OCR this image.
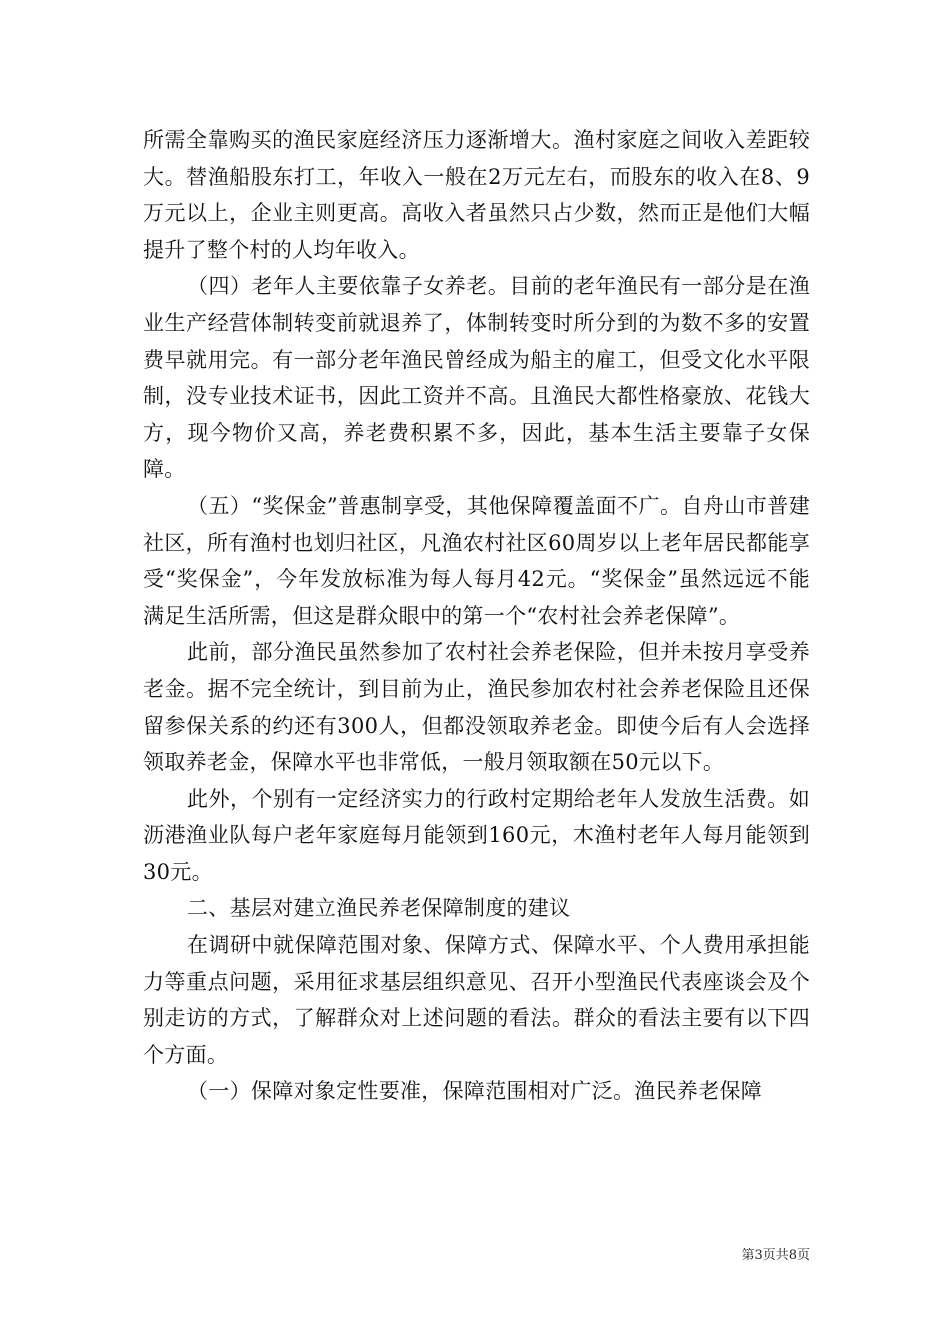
所需全靠购买的渔民家庭经济压力逐渐增大。渔村家庭之间收入差距较大。替渔船股东打工，年收入一般在2万元左右，而股东的收入在8、9万元以上，企业主则更高。高收入者虽然只占少数，然而正是他们大幅提升了整个村的人均年收入。

（四）老年人主要依靠子女养老。目前的老年渔民有一部分是在渔业生产经营体制转变前就退养了，体制转变时所分到的为数不多的安置费早就用完。有一部分老年渔民曾经成为船主的雇工，但受文化水平限制，没专业技术证书，因此工资并不高。且渔民大都性格豪放、花钱大方，现今物价又高，养老费积累不多，因此，基本生活主要靠子女保障。

（五）“奖保金”普惠制享受，其他保障覆盖面不广。自舟山市普建社区，所有渔村也划归社区，凡渔农村社区60周岁以上老年居民都能享受“奖保金”，今年发放标准为每人每月42元。“奖保金”虽然远远不能满足生活所需，但这是群众眼中的第一个“农村社会养老保障”。

此前，部分渔民虽然参加了农村社会养老保险，但并未按月享受养老金。据不完全统计，到目前为止，渔民参加农村社会养老保险且还保留参保关系的约还有300人，但都没领取养老金。即使今后有人会选择领取养老金，保障水平也非常低，一般月领取额在50元以下。

此外，个别有一定经济实力的行政村定期给老年人发放生活费。如沥港渔业队每户老年家庭每月能领到160元，木渔村老年人每月能领到30元。

二、基层对建立渔民养老保障制度的建议

在调研中就保障范围对象、保障方式、保障水平、个人费用承担能力等重点问题，采用征求基层组织意见、召开小型渔民代表座谈会及个别走访的方式，了解群众对上述问题的看法。群众的看法主要有以下四个方面。

（一）保障对象定性要准，保障范围相对广泛。渔民养老保障

第3页共8页
